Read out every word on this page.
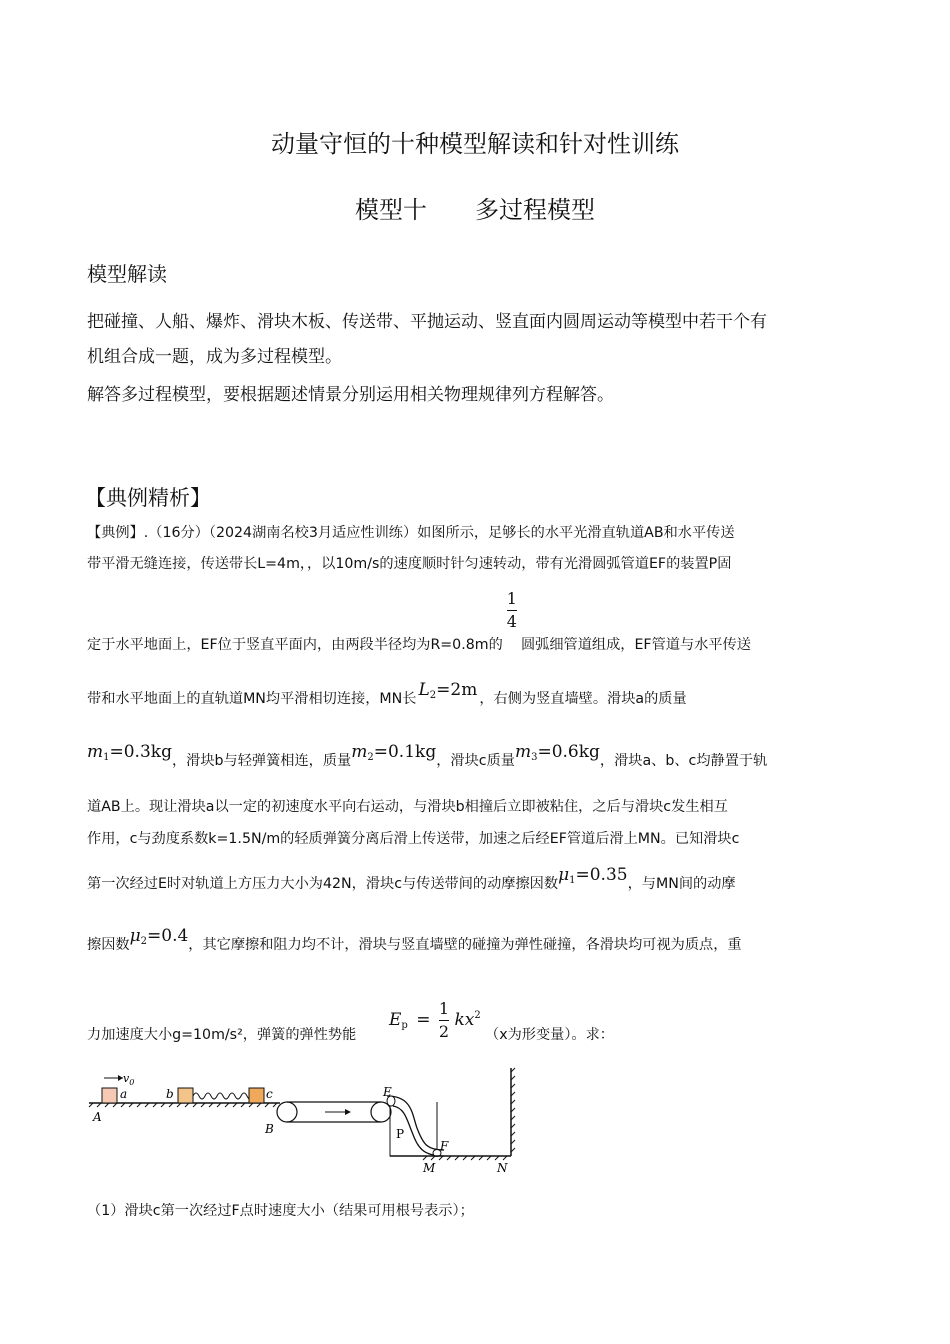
动量守恒的十种模型解读和针对性训练
模型十 多过程模型
模型解读
把碰撞、人船、爆炸、滑块木板、传送带、平抛运动、竖直面内圆周运动等模型中若干个有
机组合成一题，成为多过程模型。
解答多过程模型，要根据题述情景分别运用相关物理规律列方程解答。
【典例精析】
【典例】.（16分）（2024湖南名校3月适应性训练）如图所示，足够长的水平光滑直轨道AB和水平传送
带平滑无缝连接，传送带长L=4m，，以10m/s的速度顺时针匀速转动，带有光滑圆弧管道EF的装置P固
定于水平地面上，EF位于竖直平面内，由两段半径均为R=0.8m的
$\frac{1}{4}$
圆弧细管道组成，EF管道与水平传送
带和水平地面上的直轨道MN均平滑相切连接，MN长 $L_2=2m$ ，右侧为竖直墙壁。滑块a的质量
$m_1=0.3kg$，滑块b与轻弹簧相连，质量$m_2=0.1kg$，滑块c质量$m_3=0.6kg$，滑块a、b、c均静置于轨
道AB上。现让滑块a以一定的初速度水平向右运动，与滑块b相撞后立即被粘住，之后与滑块c发生相互
作用，c与劲度系数k=1.5N/m的轻质弹簧分离后滑上传送带，加速之后经EF管道后滑上MN。已知滑块c
第一次经过E时对轨道上方压力大小为42N，滑块c与传送带间的动摩擦因数$\mu_1=0.35$，与MN间的动摩
擦因数$\mu_2=0.4$，其它摩擦和阻力均不计，滑块与竖直墙壁的碰撞为弹性碰撞，各滑块均可视为质点，重
力加速度大小g=10m/s²，弹簧的弹性势能
$E_p = \frac{1}{2} kx^2$
（x为形变量）。求：
$v_0$
a
A
b	c
B
E
P
F
M	N
（1）滑块c第一次经过F点时速度大小（结果可用根号表示）；
